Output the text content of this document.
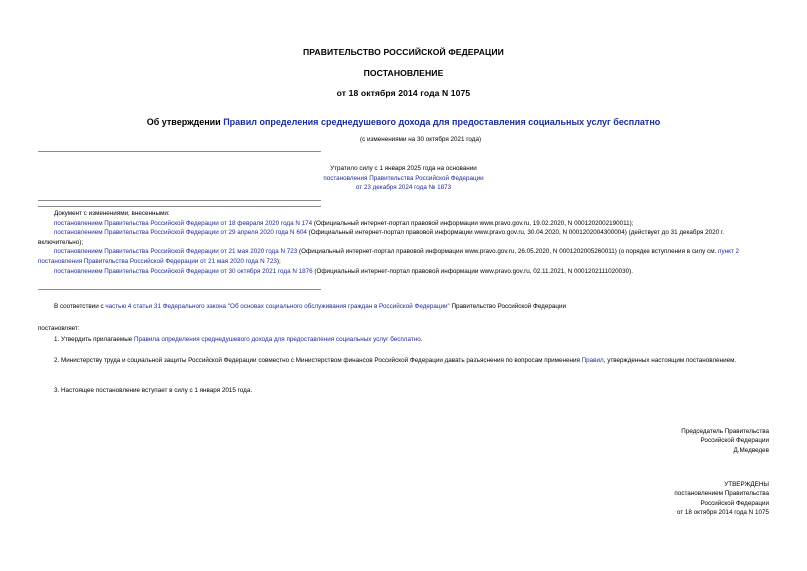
ПРАВИТЕЛЬСТВО РОССИЙСКОЙ ФЕДЕРАЦИИ
ПОСТАНОВЛЕНИЕ
от 18 октября 2014 года N 1075
Об утверждении Правил определения среднедушевого дохода для предоставления социальных услуг бесплатно
(с изменениями на 30 октября 2021 года)

Утратило силу с 1 января 2025 года на основании

постановления Правительства Российской Федерации

от 23 декабря 2024 года № 1873

Документ с изменениями, внесенными:

постановлением Правительства Российской Федерации от 18 февраля 2020 года N 174 (Официальный интернет-портал правовой информации www.pravo.gov.ru, 19.02.2020, N 0001202002190011);

постановлением Правительства Российской Федерации от 29 апреля 2020 года N 604 (Официальный интернет-портал правовой информации www.pravo.gov.ru, 30.04.2020, N 0001202004300004) (действует до 31 декабря 2020 г. включительно);

постановлением Правительства Российской Федерации от 21 мая 2020 года N 723 (Официальный интернет-портал правовой информации www.pravo.gov.ru, 26.05.2020, N 0001202005260011) (о порядке вступления в силу см. пункт 2 постановления Правительства Российской Федерации от 21 мая 2020 года N 723);

постановлением Правительства Российской Федерации от 30 октября 2021 года N 1876 (Официальный интернет-портал правовой информации www.pravo.gov.ru, 02.11.2021, N 0001202111020030).

В соответствии с частью 4 статьи 31 Федерального закона "Об основах социального обслуживания граждан в Российской Федерации" Правительство Российской Федерации
постановляет:
1. Утвердить прилагаемые Правила определения среднедушевого дохода для предоставления социальных услуг бесплатно.
2. Министерству труда и социальной защиты Российской Федерации совместно с Министерством финансов Российской Федерации давать разъяснения по вопросам применения Правил, утвержденных настоящим постановлением.
3. Настоящее постановление вступает в силу с 1 января 2015 года.

Председатель Правительства

Российской Федерации

Д.Медведев

УТВЕРЖДЕНЫ

постановлением Правительства

Российской Федерации

от 18 октября 2014 года N 1075
